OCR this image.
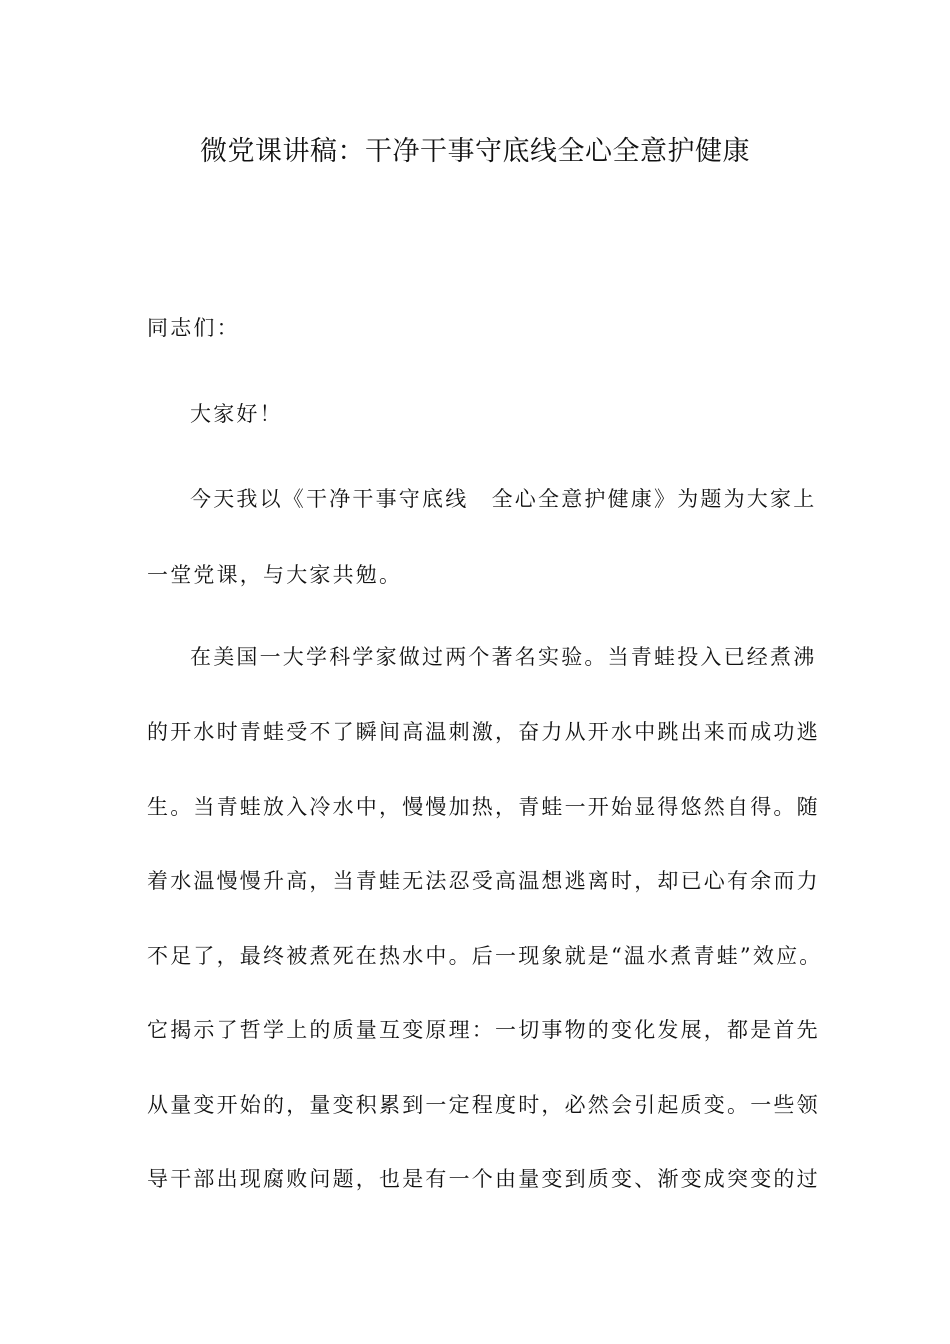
微党课讲稿：干净干事守底线全心全意护健康
同志们：
大家好！
今天我以《干净干事守底线　全心全意护健康》为题为大家上
一堂党课，与大家共勉。
在美国一大学科学家做过两个著名实验。当青蛙投入已经煮沸
的开水时青蛙受不了瞬间高温刺激，奋力从开水中跳出来而成功逃
生。当青蛙放入冷水中，慢慢加热，青蛙一开始显得悠然自得。随
着水温慢慢升高，当青蛙无法忍受高温想逃离时，却已心有余而力
不足了，最终被煮死在热水中。后一现象就是“温水煮青蛙”效应。
它揭示了哲学上的质量互变原理：一切事物的变化发展，都是首先
从量变开始的，量变积累到一定程度时，必然会引起质变。一些领
导干部出现腐败问题，也是有一个由量变到质变、渐变成突变的过
